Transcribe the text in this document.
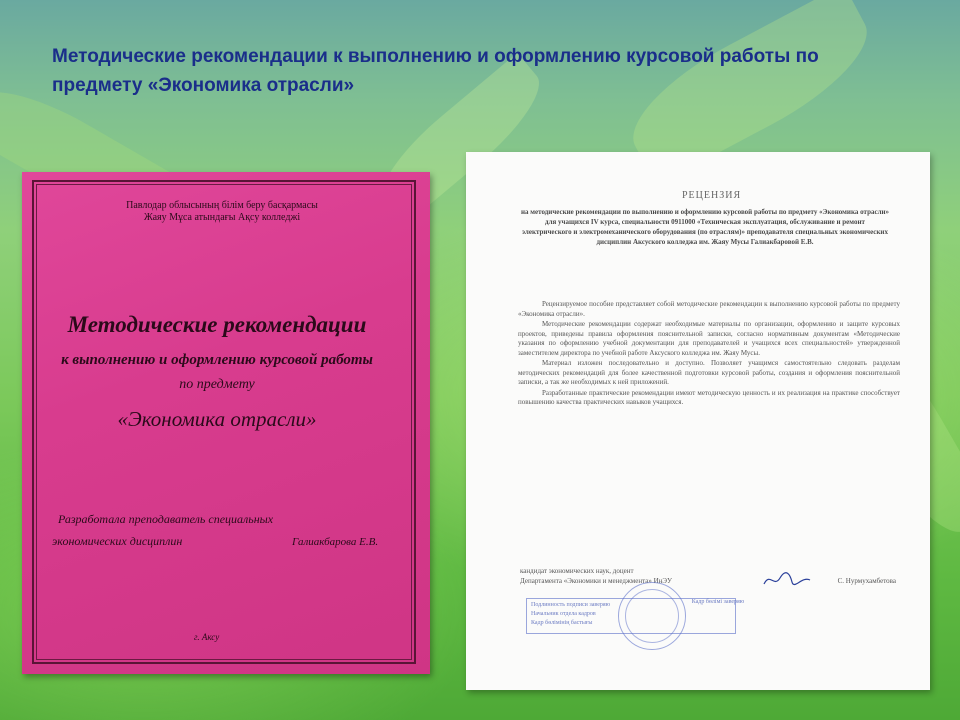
Методические рекомендации к выполнению и оформлению курсовой работы по предмету «Экономика отрасли»
Павлодар облысының білім беру басқармасы
Жаяу Мұса атындағы Ақсу колледжі
Методические рекомендации
к выполнению и оформлению курсовой работы
по предмету
«Экономика отрасли»
Разработала преподаватель специальных
экономических дисциплин	Галиакбарова Е.В.
г. Аксу
РЕЦЕНЗИЯ
на методические рекомендации по выполнению и оформлению курсовой работы по предмету «Экономика отрасли» для учащихся IV курса, специальности 0911000 «Техническая эксплуатация, обслуживание и ремонт электрического и электромеханического оборудования (по отраслям)» преподавателя специальных экономических дисциплин Аксуского колледжа им. Жаяу Мусы Галиакбаровой Е.В.

Рецензируемое пособие представляет собой методические рекомендации к выполнению курсовой работы по предмету «Экономика отрасли».

Методические рекомендации содержат необходимые материалы по организации, оформлению и защите курсовых проектов, приведены правила оформления пояснительной записки, согласно нормативным документам «Методические указания по оформлению учебной документации для преподавателей и учащихся всех специальностей» утвержденной заместителем директора по учебной работе Аксуского колледжа им. Жаяу Мусы.

Материал изложен последовательно и доступно. Позволяет учащимся самостоятельно следовать разделам методических рекомендаций для более качественной подготовки курсовой работы, создания и оформления пояснительной записки, а так же необходимых к ней приложений.

Разработанные практические рекомендации имеют методическую ценность и их реализация на практике способствует повышению качества практических навыков учащихся.

кандидат экономических наук, доцент
Департамента «Экономики и менеджмента» ИнЭУ	С. Нурмухамбетова
Подлинность подписи заверяю
Начальник отдела кадров
Кадр бөлімінің бастығы
Кадр бөлімі заверяю
